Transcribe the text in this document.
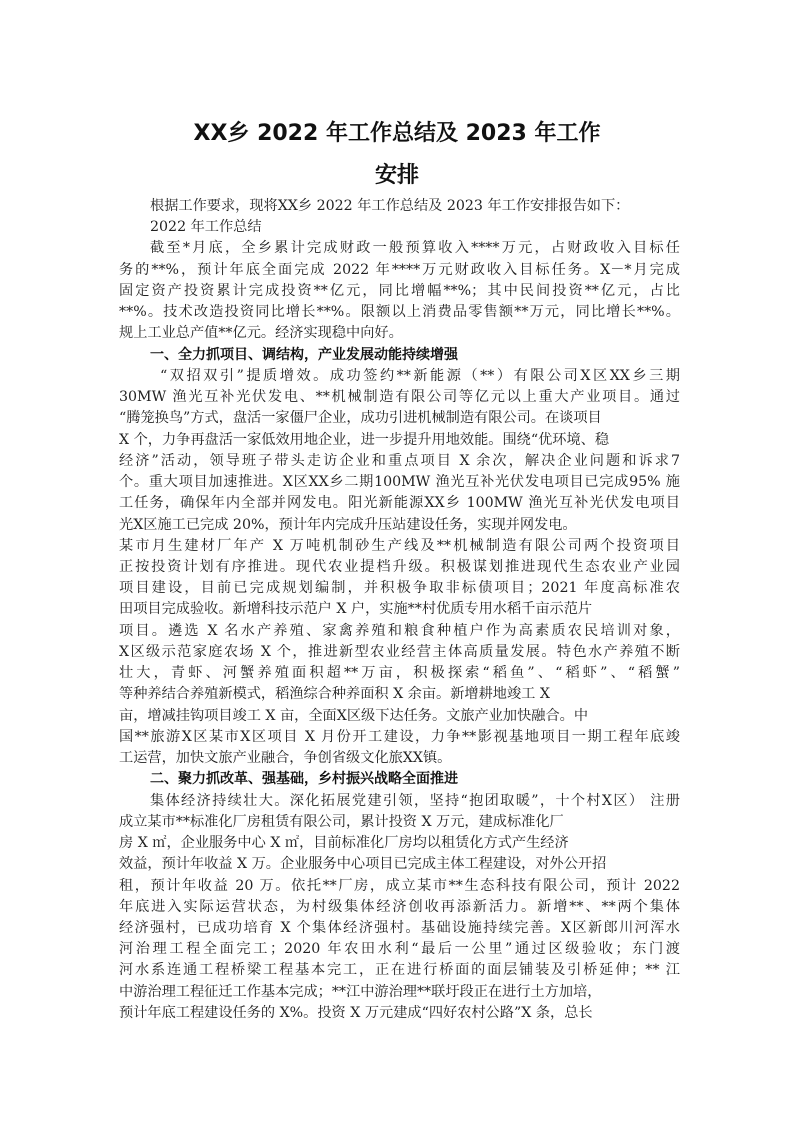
XX乡 2022 年工作总结及 2023 年工作
安排
根据工作要求，现将XX乡 2022 年工作总结及 2023 年工作安排报告如下：
2022 年工作总结
截至*月底，全乡累计完成财政一般预算收入****万元，占财政收入目标任
务的**%，预计年底全面完成 2022 年****万元财政收入目标任务。X－*月完成
固定资产投资累计完成投资**亿元，同比增幅**%；其中民间投资**亿元，占比
**%。技术改造投资同比增长**%。限额以上消费品零售额**万元，同比增长**%。
规上工业总产值**亿元。经济实现稳中向好。
一、全力抓项目、调结构，产业发展动能持续增强
“双招双引”提质增效。成功签约**新能源（**）有限公司X区XX乡三期
30MW 渔光互补光伏发电、**机械制造有限公司等亿元以上重大产业项目。通过
“腾笼换鸟”方式，盘活一家僵尸企业，成功引进机械制造有限公司。在谈项目
X 个，力争再盘活一家低效用地企业，进一步提升用地效能。围绕“优环境、稳
经济”活动，领导班子带头走访企业和重点项目 X 余次，解决企业问题和诉求7
个。重大项目加速推进。X区XX乡二期100MW 渔光互补光伏发电项目已完成95% 施
工任务，确保年内全部并网发电。阳光新能源XX乡 100MW 渔光互补光伏发电项目
光X区施工已完成 20%，预计年内完成升压站建设任务，实现并网发电。
某市月生建材厂年产 X 万吨机制砂生产线及**机械制造有限公司两个投资项目
正按投资计划有序推进。现代农业提档升级。积极谋划推进现代生态农业产业园
项目建设，目前已完成规划编制，并积极争取非标债项目；2021 年度高标准农
田项目完成验收。新增科技示范户 X 户，实施**村优质专用水稻千亩示范片
项目。遴选 X 名水产养殖、家禽养殖和粮食种植户作为高素质农民培训对象，
X区级示范家庭农场 X 个，推进新型农业经营主体高质量发展。特色水产养殖不断
壮大，青虾、河蟹养殖面积超**万亩，积极探索“稻鱼”、“稻虾”、“稻蟹”
等种养结合养殖新模式，稻渔综合种养面积 X 余亩。新增耕地竣工 X
亩，增减挂钩项目竣工 X 亩，全面X区级下达任务。文旅产业加快融合。中
国**旅游X区某市X区项目 X 月份开工建设，力争**影视基地项目一期工程年底竣
工运营，加快文旅产业融合，争创省级文化旅XX镇。
二、聚力抓改革、强基础，乡村振兴战略全面推进
集体经济持续壮大。深化拓展党建引领，坚持“抱团取暖”，十个村X区） 注册
成立某市**标准化厂房租赁有限公司，累计投资 X 万元，建成标准化厂
房 X ㎡，企业服务中心 X ㎡，目前标准化厂房均以租赁化方式产生经济
效益，预计年收益 X 万。企业服务中心项目已完成主体工程建设，对外公开招
租，预计年收益 20 万。依托**厂房，成立某市**生态科技有限公司，预计 2022
年底进入实际运营状态，为村级集体经济创收再添新活力。新增**、**两个集体
经济强村，已成功培育 X 个集体经济强村。基础设施持续完善。X区新郎川河浑水
河治理工程全面完工；2020 年农田水利“最后一公里”通过区级验收；东门渡
河水系连通工程桥梁工程基本完工，正在进行桥面的面层铺装及引桥延伸；** 江
中游治理工程征迁工作基本完成；**江中游治理**联圩段正在进行土方加培，
预计年底工程建设任务的 X%。投资 X 万元建成“四好农村公路”X 条，总长
